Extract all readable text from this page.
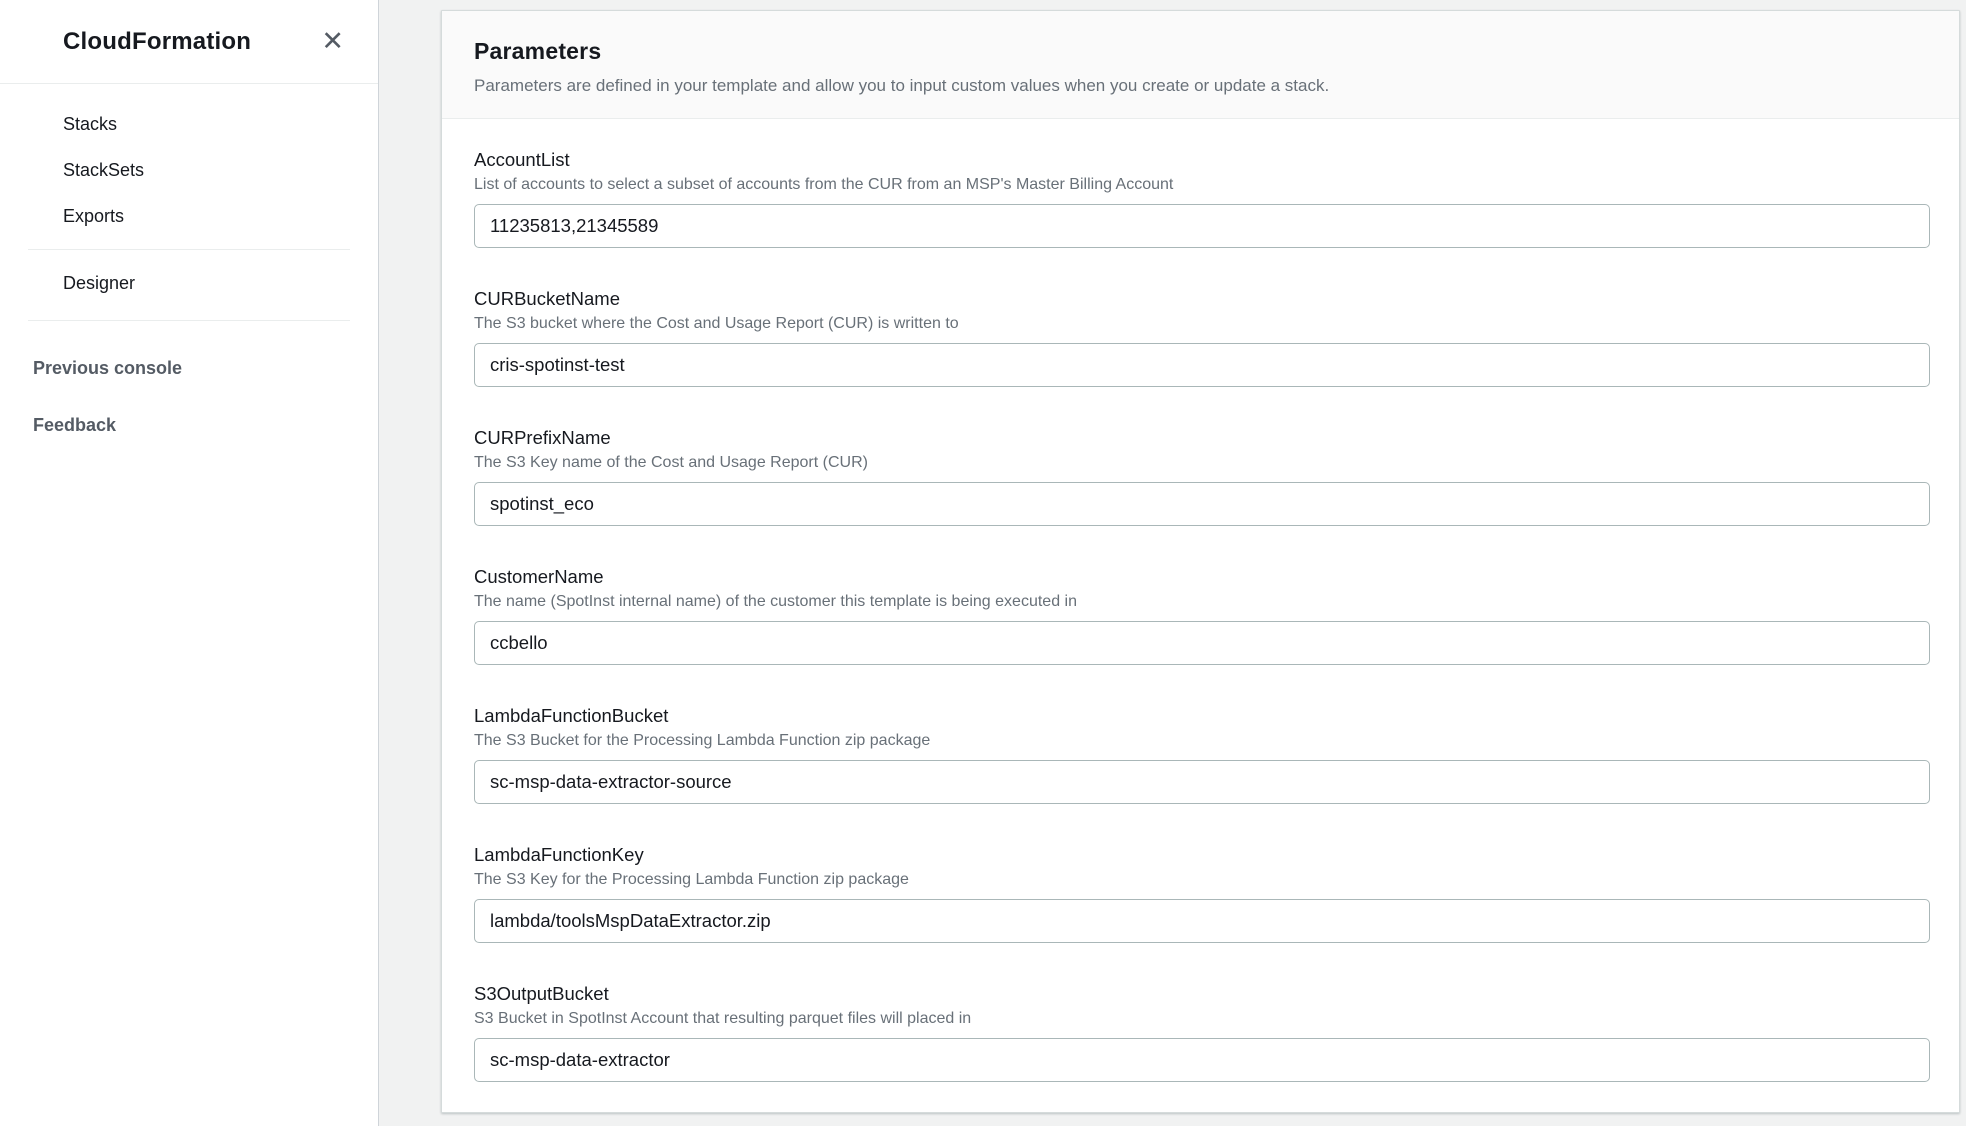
CloudFormation	✕
Stacks
StackSets
Exports
Designer
Previous console
Feedback
Parameters

Parameters are defined in your template and allow you to input custom values when you create or update a stack.

AccountList
List of accounts to select a subset of accounts from the CUR from an MSP's Master Billing Account
11235813,21345589
CURBucketName
The S3 bucket where the Cost and Usage Report (CUR) is written to
cris-spotinst-test
CURPrefixName
The S3 Key name of the Cost and Usage Report (CUR)
spotinst_eco
CustomerName
The name (SpotInst internal name) of the customer this template is being executed in
ccbello
LambdaFunctionBucket
The S3 Bucket for the Processing Lambda Function zip package
sc-msp-data-extractor-source
LambdaFunctionKey
The S3 Key for the Processing Lambda Function zip package
lambda/toolsMspDataExtractor.zip
S3OutputBucket
S3 Bucket in SpotInst Account that resulting parquet files will placed in
sc-msp-data-extractor
